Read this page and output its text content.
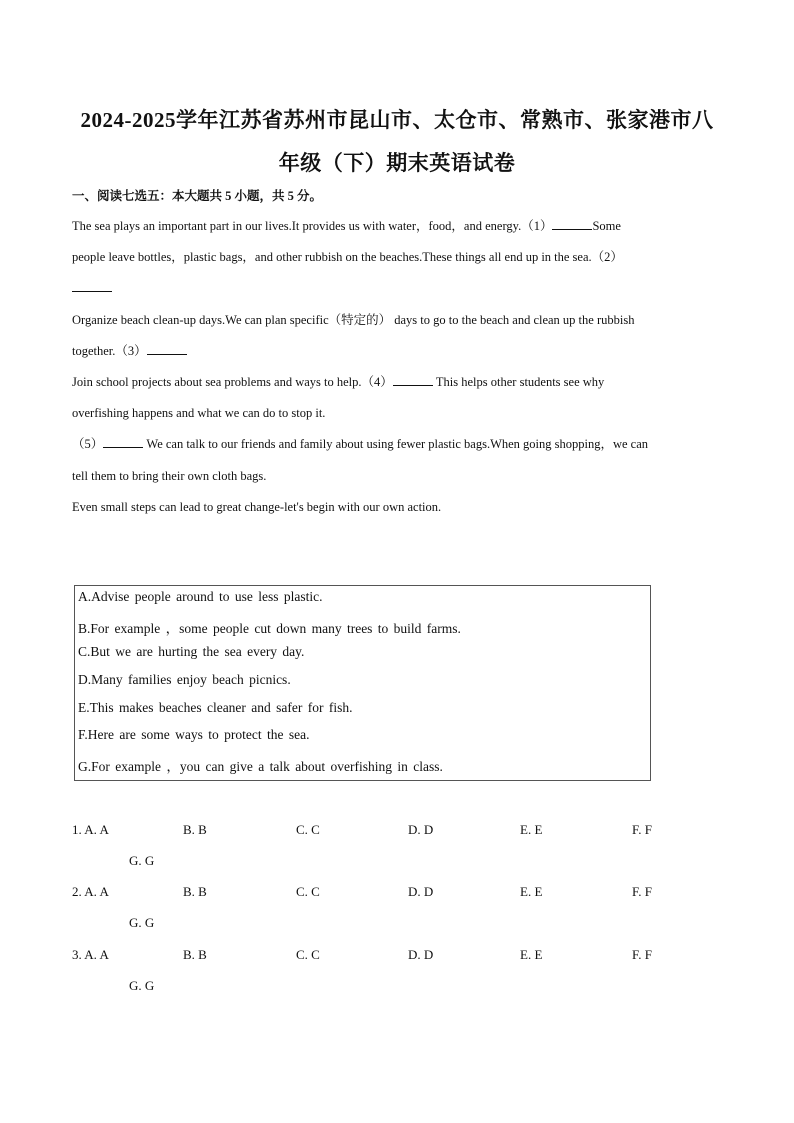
2024-2025学年江苏省苏州市昆山市、太仓市、常熟市、张家港市八
年级（下）期末英语试卷
一、阅读七选五：本大题共 5 小题，共 5 分。
The sea plays an important part in our lives.It provides us with water，food，and energy.（1）	Some
people leave bottles，plastic bags，and other rubbish on the beaches.These things all end up in the sea.（2）
Organize beach clean-up days.We can plan specific（特定的） days to go to the beach and clean up the rubbish
together.（3）
Join school projects about sea problems and ways to help.（4）	This helps other students see why
overfishing happens and what we can do to stop it.
（5）	We can talk to our friends and family about using fewer plastic bags.When going shopping，we can
tell them to bring their own cloth bags.
Even small steps can lead to great change-let's begin with our own action.
A.Advise people around to use less plastic.
B.For example ，some people cut down many trees to build farms.
C.But we are hurting the sea every day.
D.Many families enjoy beach picnics.
E.This makes beaches cleaner and safer for fish.
F.Here are some ways to protect the sea.
G.For example ，you can give a talk about overfishing in class.
1. A. A	B. B	C. C	D. D	E. E	F. F
G. G
2. A. A	B. B	C. C	D. D	E. E	F. F
G. G
3. A. A	B. B	C. C	D. D	E. E	F. F
G. G
